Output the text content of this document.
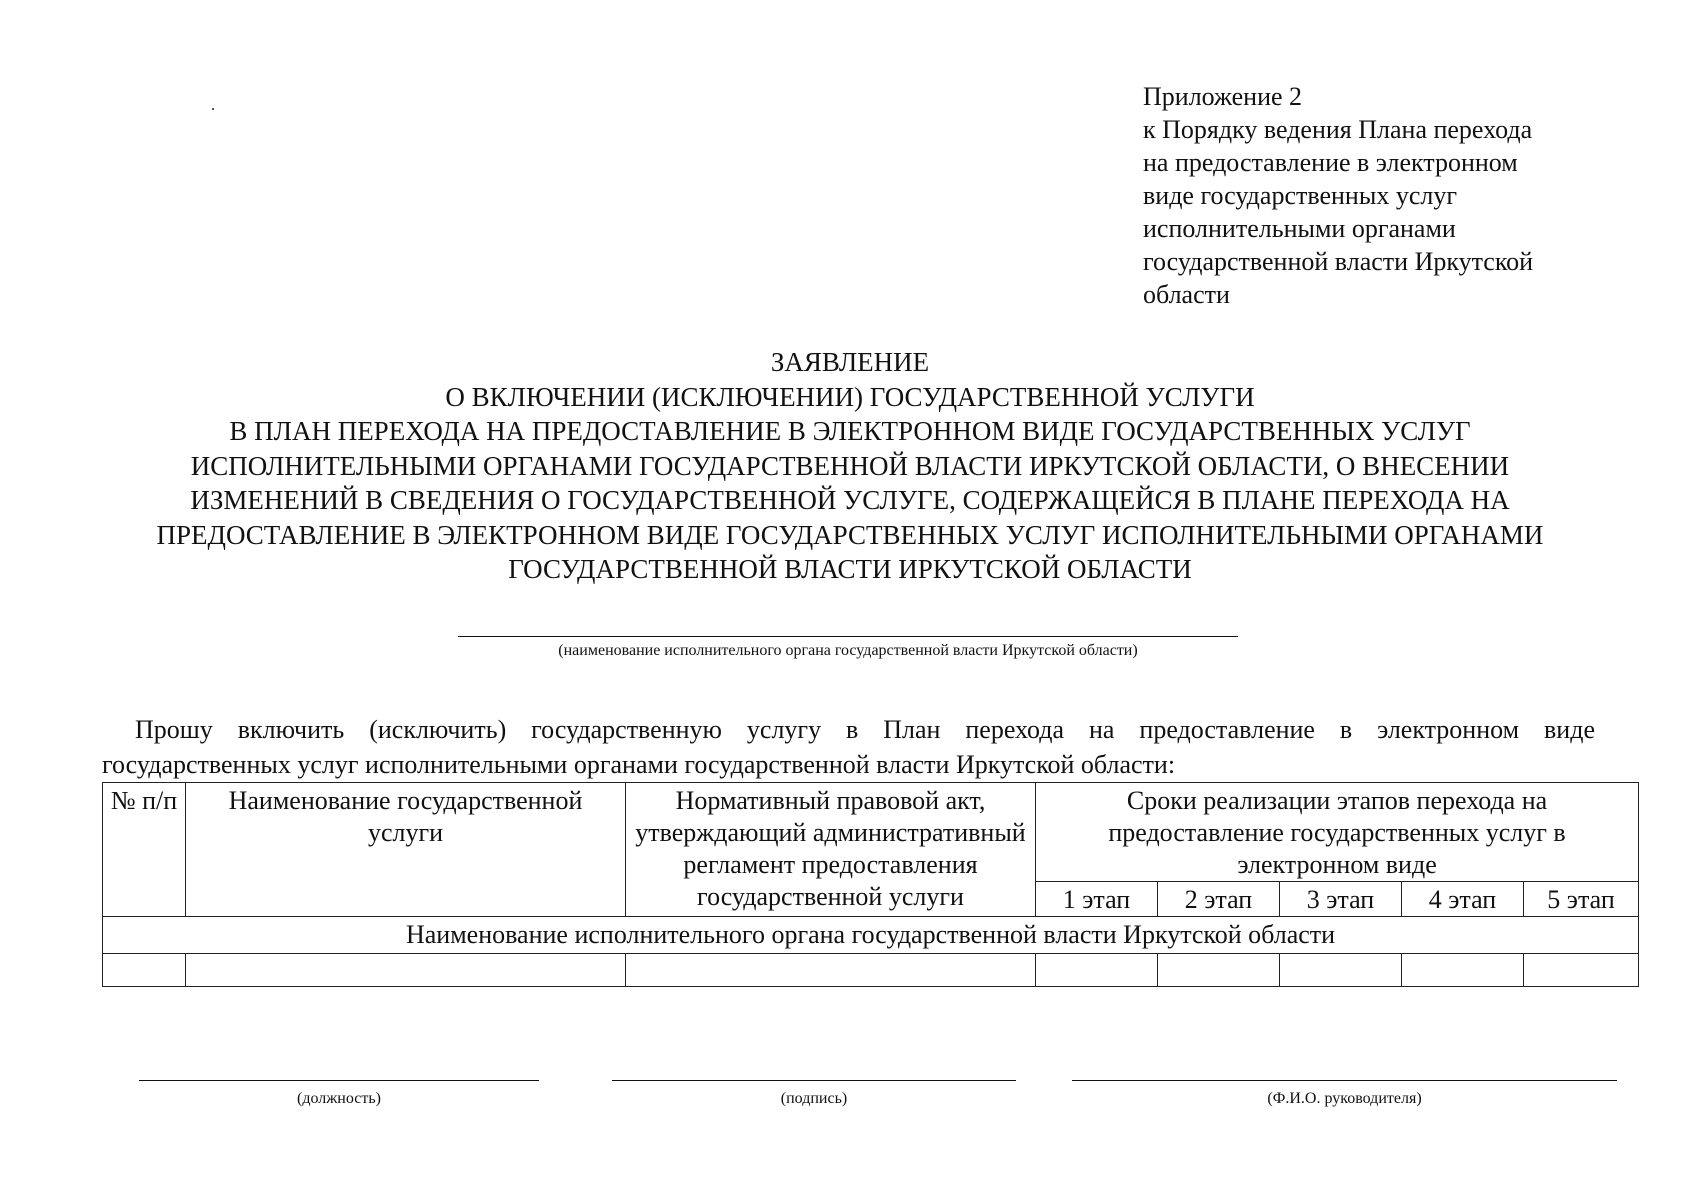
Приложение 2
к Порядку ведения Плана перехода
на предоставление в электронном
виде государственных услуг
исполнительными органами
государственной власти Иркутской
области
ЗАЯВЛЕНИЕ
О ВКЛЮЧЕНИИ (ИСКЛЮЧЕНИИ) ГОСУДАРСТВЕННОЙ УСЛУГИ
В ПЛАН ПЕРЕХОДА НА ПРЕДОСТАВЛЕНИЕ В ЭЛЕКТРОННОМ ВИДЕ ГОСУДАРСТВЕННЫХ УСЛУГ
ИСПОЛНИТЕЛЬНЫМИ ОРГАНАМИ ГОСУДАРСТВЕННОЙ ВЛАСТИ ИРКУТСКОЙ ОБЛАСТИ, О ВНЕСЕНИИ
ИЗМЕНЕНИЙ В СВЕДЕНИЯ О ГОСУДАРСТВЕННОЙ УСЛУГЕ, СОДЕРЖАЩЕЙСЯ В ПЛАНЕ ПЕРЕХОДА НА
ПРЕДОСТАВЛЕНИЕ В ЭЛЕКТРОННОМ ВИДЕ ГОСУДАРСТВЕННЫХ УСЛУГ ИСПОЛНИТЕЛЬНЫМИ ОРГАНАМИ
ГОСУДАРСТВЕННОЙ ВЛАСТИ ИРКУТСКОЙ ОБЛАСТИ
(наименование исполнительного органа государственной власти Иркутской области)
Прошу включить (исключить) государственную услугу в План перехода на предоставление в электронном виде
государственных услуг исполнительными органами государственной власти Иркутской области:
№ п/п	Наименование государственной услуги	Нормативный правовой акт, утверждающий административный регламент предоставления государственной услуги	Сроки реализации этапов перехода на предоставление государственных услуг в электронном виде				
			1 этап	2 этап	3 этап	4 этап	5 этап
Наименование исполнительного органа государственной власти Иркутской области							

(должность)	(подпись)	(Ф.И.О. руководителя)
